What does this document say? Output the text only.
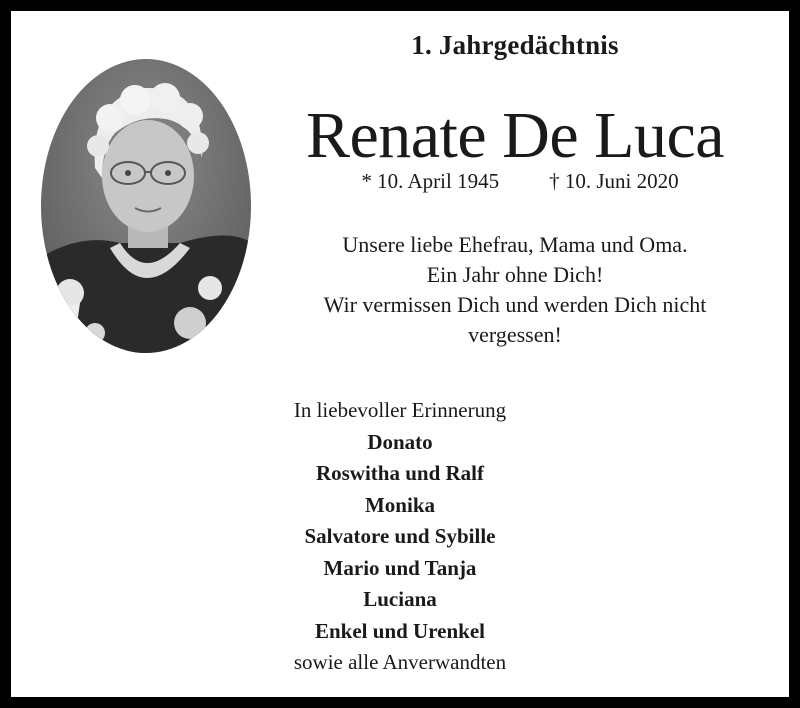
1. Jahrgedächtnis
Renate De Luca
* 10. April 1945 † 10. Juni 2020
Unsere liebe Ehefrau, Mama und Oma.
Ein Jahr ohne Dich!
Wir vermissen Dich und werden Dich nicht
vergessen!
In liebevoller Erinnerung
Donato
Roswitha und Ralf
Monika
Salvatore und Sybille
Mario und Tanja
Luciana
Enkel und Urenkel
sowie alle Anverwandten
